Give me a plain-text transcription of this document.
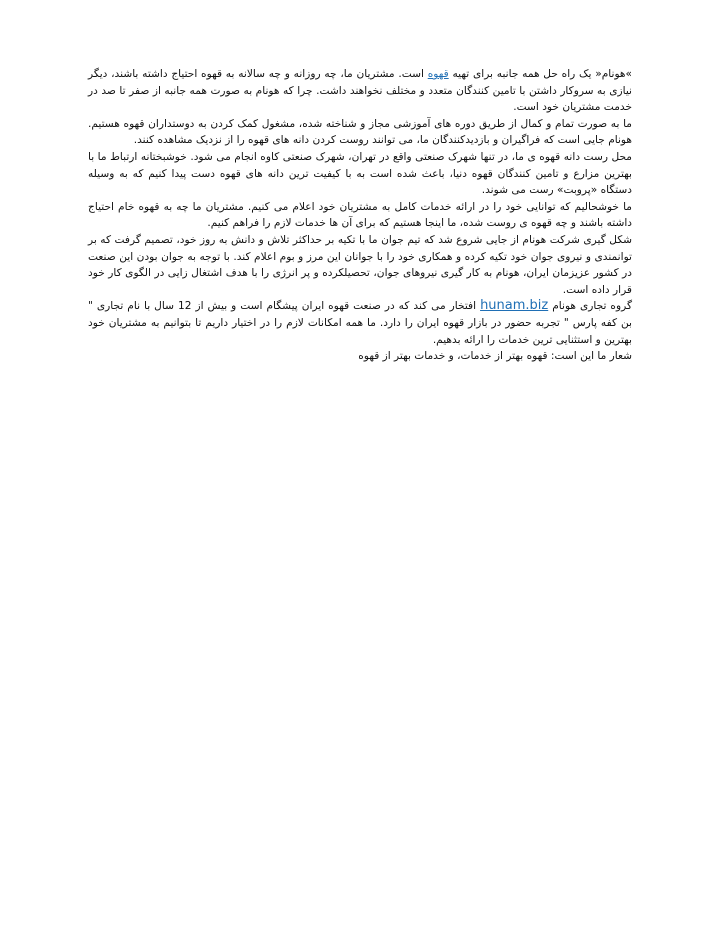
»هونام« یک راه حل همه جانبه برای تهیه قهوه است. مشتریان ما، چه روزانه و چه سالانه به قهوه احتیاج داشته باشند، دیگر نیازی به سروکار داشتن با تامین کنندگان متعدد و مختلف نخواهند داشت. چرا که هونام به صورت همه جانبه از صفر تا صد در خدمت مشتریان خود است.

ما به صورت تمام و کمال از طریق دوره های آموزشی مجاز و شناخته شده، مشغول کمک کردن به دوستداران قهوه هستیم. هونام جایی است که فراگیران و بازدیدکنندگان ما، می توانند روست کردن دانه های قهوه را از نزدیک مشاهده کنند.

محل رست دانه قهوه ی ما، در تنها شهرک صنعتی واقع در تهران، شهرک صنعتی کاوه انجام می شود. خوشبختانه ارتباط ما با بهترین مزارع و تامین کنندگان قهوه دنیا، باعث شده است به با کیفیت ترین دانه های قهوه دست پیدا کنیم که به وسیله دستگاه «پروبت» رست می شوند.

ما خوشحالیم که توانایی خود را در ارائه خدمات کامل به مشتریان خود اعلام می کنیم. مشتریان ما چه به قهوه خام احتیاج داشته باشند و چه قهوه ی روست شده، ما اینجا هستیم که برای آن ها خدمات لازم را فراهم کنیم.

شکل گیری شرکت هونام از جایی شروع شد که تیم جوان ما با تکیه بر حداکثر تلاش و دانش به روز خود، تصمیم گرفت که بر توانمندی و نیروی جوان خود تکیه کرده و همکاری خود را با جوانان این مرز و بوم اعلام کند. با توجه به جوان بودن این صنعت در کشور عزیزمان ایران، هونام به کار گیری نیروهای جوان، تحصیلکرده و پر انرژی را با هدف اشتغال زایی در الگوی کار خود قرار داده است.

گروه تجاری هونام hunam.biz افتخار می کند که در صنعت قهوه ایران پیشگام است و بیش از 12 سال با نام تجاری " بن کفه پارس " تجربه حضور در بازار قهوه ایران را دارد. ما همه امکانات لازم را در اختیار داریم تا بتوانیم به مشتریان خود بهترین و استثنایی ترین خدمات را ارائه بدهیم.

شعار ما این است: قهوه بهتر از خدمات، و خدمات بهتر از قهوه
